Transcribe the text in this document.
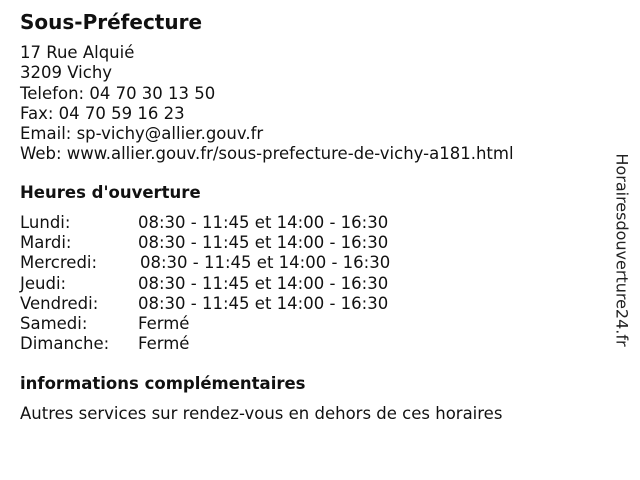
Sous-Préfecture
17 Rue Alquié
3209 Vichy
Telefon: 04 70 30 13 50
Fax: 04 70 59 16 23
Email: sp-vichy@allier.gouv.fr
Web: www.allier.gouv.fr/sous-prefecture-de-vichy-a181.html
Heures d'ouverture
Lundi:	08:30 - 11:45 et 14:00 - 16:30
Mardi:	08:30 - 11:45 et 14:00 - 16:30
Mercredi:	08:30 - 11:45 et 14:00 - 16:30
Jeudi:	08:30 - 11:45 et 14:00 - 16:30
Vendredi: 08:30 - 11:45 et 14:00 - 16:30
Samedi:	Fermé
Dimanche: Fermé
informations complémentaires
Autres services sur rendez-vous en dehors de ces horaires
Horairesdouverture24.fr
